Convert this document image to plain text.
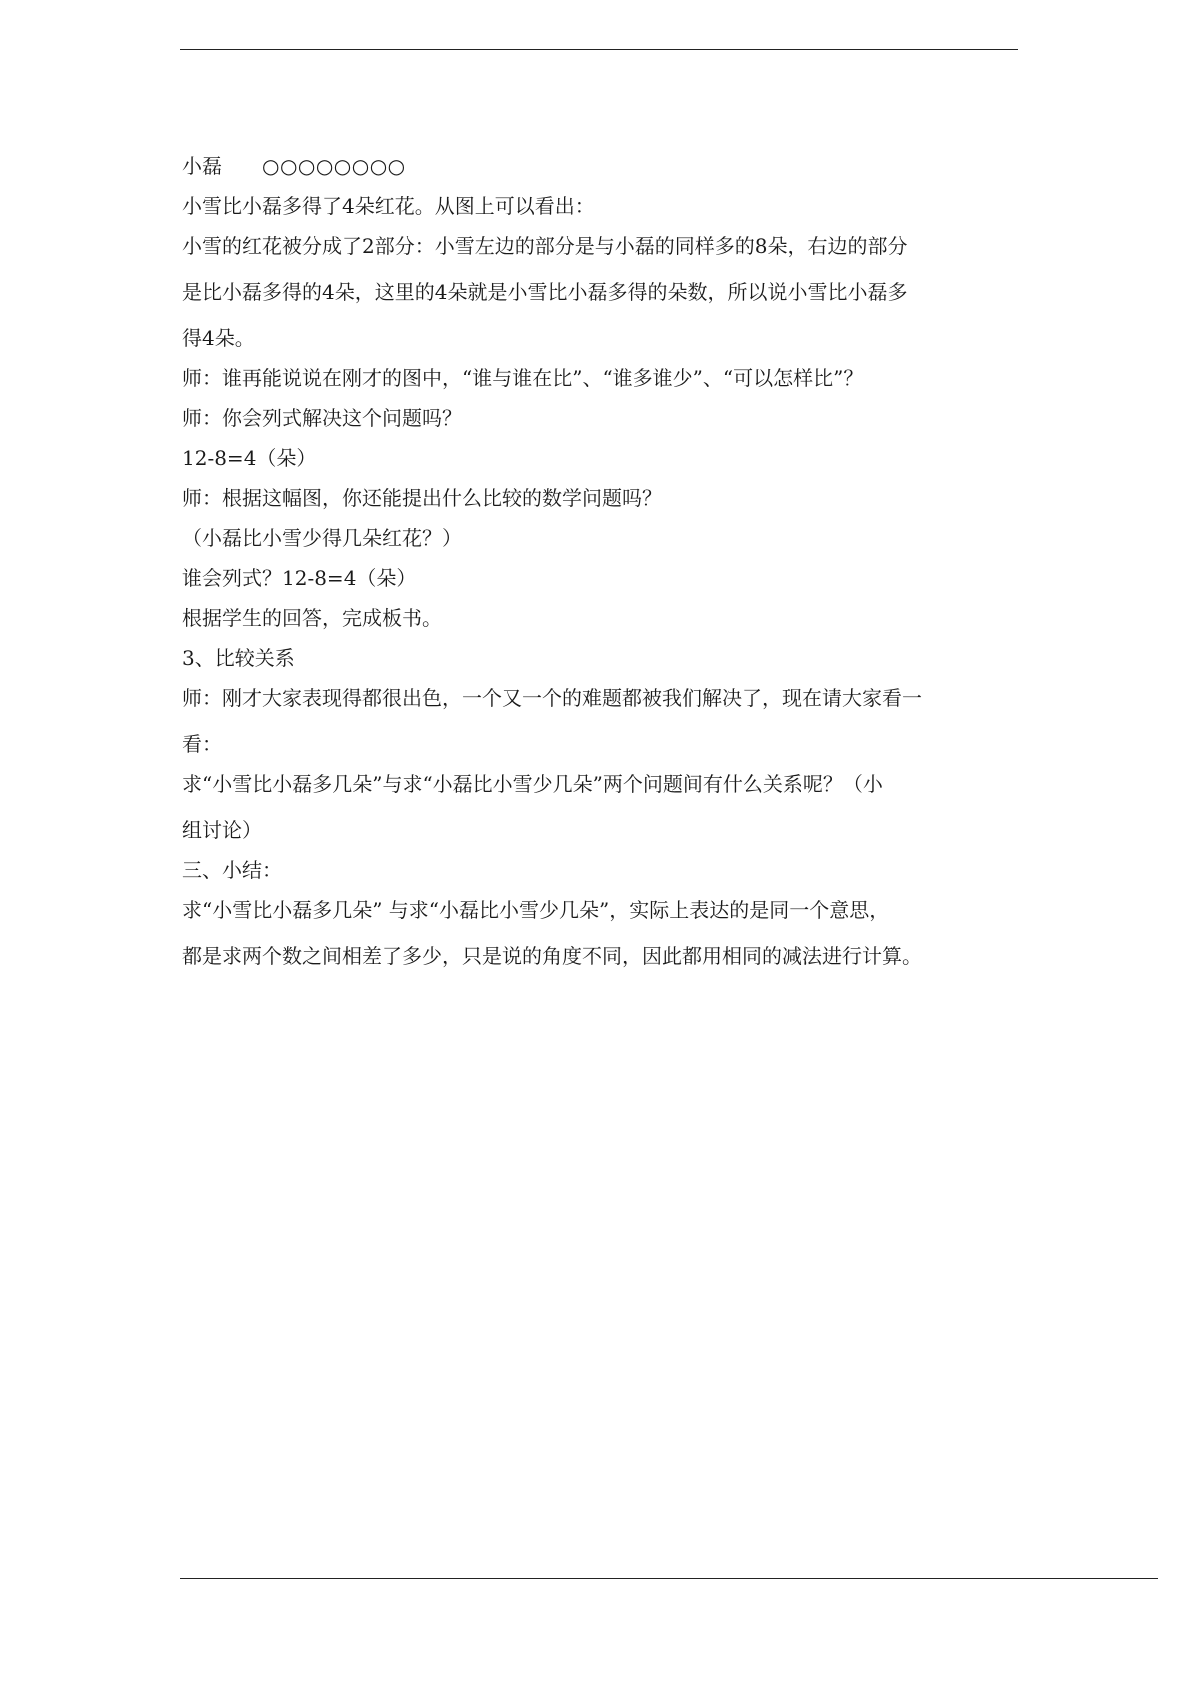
小磊 ○○○○○○○○
小雪比小磊多得了4朵红花。从图上可以看出：
小雪的红花被分成了2部分：小雪左边的部分是与小磊的同样多的8朵，右边的部分
是比小磊多得的4朵，这里的4朵就是小雪比小磊多得的朵数，所以说小雪比小磊多
得4朵。
师：谁再能说说在刚才的图中，“谁与谁在比”、“谁多谁少”、“可以怎样比”？
师：你会列式解决这个问题吗？
12-8=4（朵）
师：根据这幅图，你还能提出什么比较的数学问题吗？
（小磊比小雪少得几朵红花？）
谁会列式？12-8=4（朵）
根据学生的回答，完成板书。
3、比较关系
师：刚才大家表现得都很出色，一个又一个的难题都被我们解决了，现在请大家看一
看：
求“小雪比小磊多几朵”与求“小磊比小雪少几朵”两个问题间有什么关系呢？（小
组讨论）
三、小结：
求“小雪比小磊多几朵” 与求“小磊比小雪少几朵”，实际上表达的是同一个意思，
都是求两个数之间相差了多少，只是说的角度不同，因此都用相同的减法进行计算。
